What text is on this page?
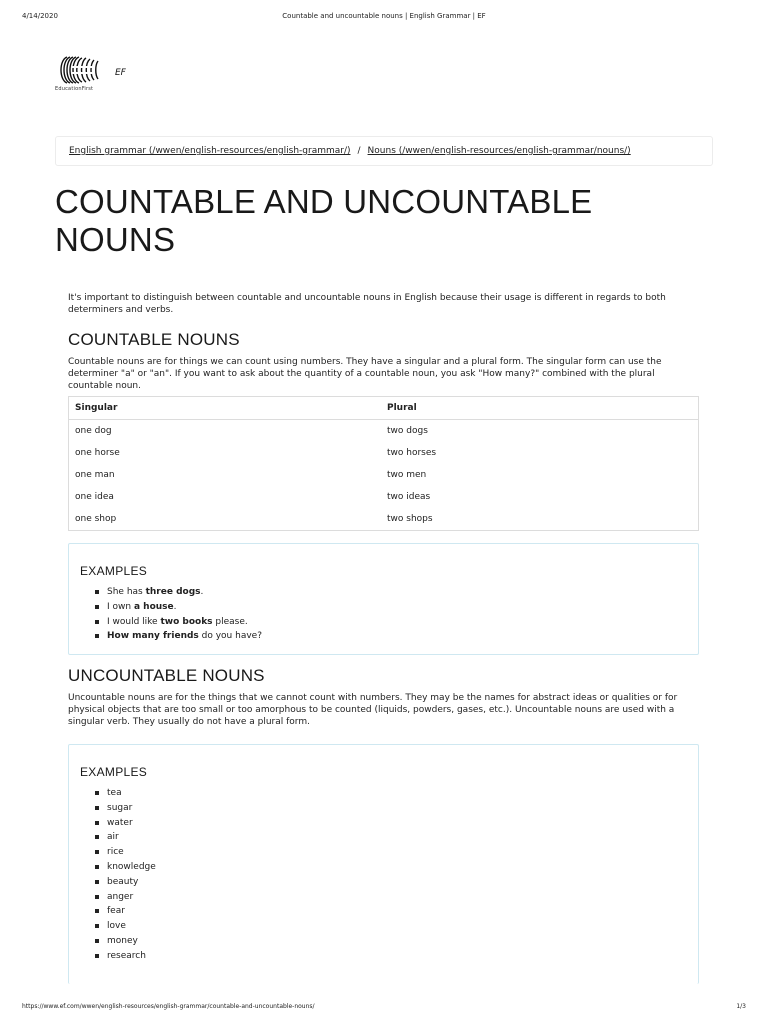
4/14/2020	Countable and uncountable nouns | English Grammar | EF
EF
EducationFirst
English grammar (/wwen/english-resources/english-grammar/) / Nouns (/wwen/english-resources/english-grammar/nouns/)
COUNTABLE AND UNCOUNTABLE NOUNS

It's important to distinguish between countable and uncountable nouns in English because their usage is different in regards to both determiners and verbs.

COUNTABLE NOUNS

Countable nouns are for things we can count using numbers. They have a singular and a plural form. The singular form can use the determiner "a" or "an". If you want to ask about the quantity of a countable noun, you ask "How many?" combined with the plural countable noun.

Singular	Plural
one dog	two dogs
one horse	two horses
one man	two men
one idea	two ideas
one shop	two shops
EXAMPLES
She has three dogs.
I own a house.
I would like two books please.
How many friends do you have?
UNCOUNTABLE NOUNS

Uncountable nouns are for the things that we cannot count with numbers. They may be the names for abstract ideas or qualities or for physical objects that are too small or too amorphous to be counted (liquids, powders, gases, etc.). Uncountable nouns are used with a singular verb. They usually do not have a plural form.

EXAMPLES
tea
sugar
water
air
rice
knowledge
beauty
anger
fear
love
money
research
https://www.ef.com/wwen/english-resources/english-grammar/countable-and-uncountable-nouns/	1/3
